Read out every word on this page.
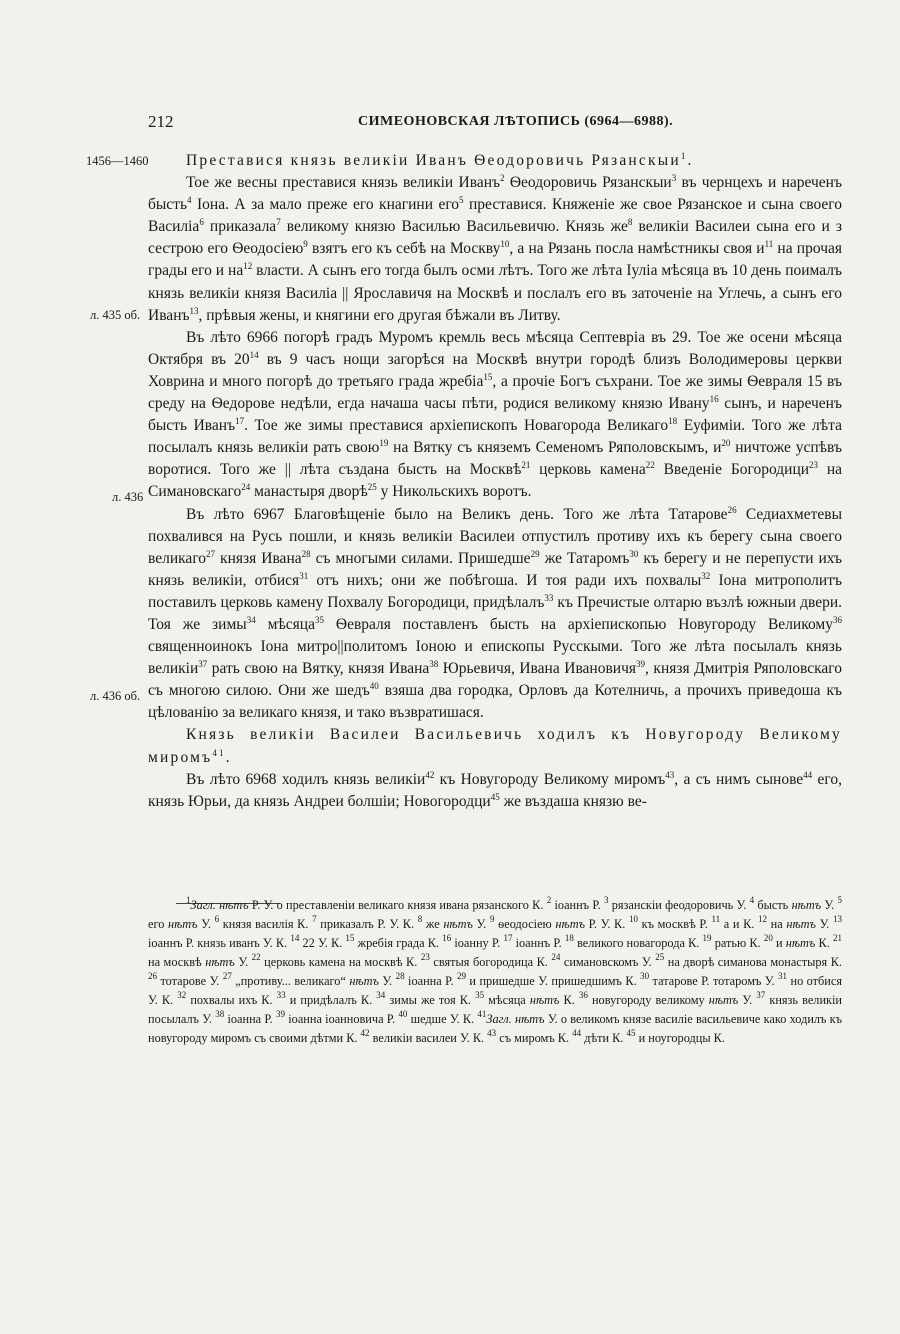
212	СИМЕОНОВСКАЯ ЛѢТОПИСЬ (6964—6988).
1456—1460
л. 435 об.
л. 436
л. 436 об.

Преставися князь великiи Иванъ Ѳеодоровичь Рязанскыи$^1$.

Тое же весны преставися князь великiи Иванъ$^2$ Ѳеодоровичь Рязанскыи$^3$ въ чернцехъ и нареченъ бысть$^4$ Iона. А за мало преже его кнагини его$^5$ преставися. Княженiе же свое Рязанское и сына своего Василiа$^6$ приказала$^7$ великому князю Василью Васильевичю. Князь $же^8$ великiи Василеи сына его и з сестрою его Ѳеодосiею$^9$ взятъ его къ себѣ на Москву$^{10}$, а на Рязань посла намѣстникы своя $и^{11}$ на прочая грады его и $на^{12}$ власти. А сынъ его тогда былъ осми лѣтъ. Того же лѣта Iулiа мѣсяца въ 10 день поималъ князь великiи князя Василiа || Ярославичя на Москвѣ и послалъ его въ заточенiе на Углечь, а сынъ его Иванъ$^{13}$, прѣвыя жены, и княгини его другая бѣжали въ Литву.

Въ лѣто 6966 погорѣ градъ Муромъ кремль весь мѣсяца Септеврiа въ 29. Тое же осени мѣсяца Октября въ $20^{14}$ въ 9 часъ нощи загорѣся на Москвѣ внутри городѣ близъ Володимеровы церкви Ховрина и много погорѣ до третьяго града жребiа$^{15}$, а прочiе Богъ съхрани. Тое же зимы Ѳевраля 15 въ среду на Ѳедорове недѣли, егда начаша часы пѣти, родися великому князю Ивану$^{16}$ сынъ, и нареченъ бысть Иванъ$^{17}$. Тое же зимы преставися архiепископъ Новагорода Великаго$^{18}$ Еуфимiи. Того же лѣта посылалъ князь великiи рать свою$^{19}$ на Вятку съ княземъ Семеномъ Ряполовскымъ, $и^{20}$ ничтоже успѣвъ воротися. Того же || лѣта създана бысть на Москвѣ$^{21}$ церковь камена$^{22}$ Введенiе Богородици$^{23}$ на Симановскаго$^{24}$ манастыря дворѣ$^{25}$ у Никольскихъ воротъ.

Въ лѣто 6967 Благовѣщенiе было на Великъ день. Того же лѣта Татарове$^{26}$ Седиахметевы похвалився на Русь пошли, и князь великiи Василеи отпустилъ противу ихъ къ берегу сына своего великаго$^{27}$ князя Ивана$^{28}$ съ многыми силами. Пришедше$^{29}$ же Татаромъ$^{30}$ къ берегу и не перепусти ихъ князь великiи, отбися$^{31}$ отъ нихъ; они же побѣгоша. И тоя ради ихъ похвалы$^{32}$ Iона митрополитъ поставилъ церковь камену Похвалу Богородици, придѣлалъ$^{33}$ къ Пречистые олтарю възлѣ южныи двери. Тоя же зимы$^{34}$ мѣсяца$^{35}$ Ѳевраля поставленъ бысть на архiепископью Новугороду Великому$^{36}$ священноинокъ Iона митро||политомъ Iоною и епископы Русскыми. Того же лѣта посылалъ князь великiи$^{37}$ рать свою на Вятку, князя Ивана$^{38}$ Юрьевичя, Ивана Ивановичя$^{39}$, князя Дмитрiя Ряполовскаго съ многою силою. Они же шедъ$^{40}$ взяша два городка, Орловъ да Котелничь, а прочихъ приведоша къ цѣлованiю за великаго князя, и тако възвратишася.

Князь великiи Василеи Васильевичь ходилъ къ Новугороду Великому миромъ$^{41}$.

Въ лѣто 6968 ходилъ князь великiи$^{42}$ къ Новугороду Великому миромъ$^{43}$, а съ нимъ сынове$^{44}$ его, князь Юрьи, да князь Андреи болшiи; Новогородци$^{45}$ же въздаша князю ве-

$^1$Загл. нѣтъ Р. У. о преставленiи великаго князя ивана рязанского К. $^2$ iоаннъ Р. $^3$ рязанскiи феодоровичь У. $^4$ бысть нѣтъ У. $^5$ его нѣтъ У. $^6$ князя василiя К. $^7$ приказалъ Р. У. К. $^8$ же нѣтъ У. $^9$ ѳеодосiею нѣтъ Р. У. К. $^{10}$ къ москвѣ Р. $^{11}$ а и К. $^{12}$ на нѣтъ У. $^{13}$ iоаннъ Р. князь иванъ У. К. $^{14}$ 22 У. К. $^{15}$ жребiя града К. $^{16}$ iоанну Р. $^{17}$ iоаннъ Р. $^{18}$ великого новагорода К. $^{19}$ ратью К. $^{20}$ и нѣтъ К. $^{21}$ на москвѣ нѣтъ У. $^{22}$ церковь камена на москвѣ К. $^{23}$ святыя богородица К. $^{24}$ симановскомъ У. $^{25}$ на дворѣ симанова монастыря К. $^{26}$ тотарове У. $^{27}$ „противу... великаго“ нѣтъ У. $^{28}$ iоанна Р. $^{29}$ и пришедше У. пришедшимъ К. $^{30}$ татарове Р. тотаромъ У. $^{31}$ но отбися У. К. $^{32}$ похвалы ихъ К. $^{33}$ и придѣлалъ К. $^{34}$ зимы же тоя К. $^{35}$ мѣсяца нѣтъ К. $^{36}$ новугороду великому нѣтъ У. $^{37}$ князь великiи посылалъ У. $^{38}$ iоанна Р. $^{39}$ iоанна iоанновича Р. $^{40}$ шедше У. К. $^{41}$Загл. нѣтъ У. о великомъ князе василiе васильевиче како ходилъ къ новугороду миромъ съ своими дѣтми К. $^{42}$ великiи василеи У. К. $^{43}$ съ миромъ К. $^{44}$ дѣти К. $^{45}$ и ноугородцы К.
